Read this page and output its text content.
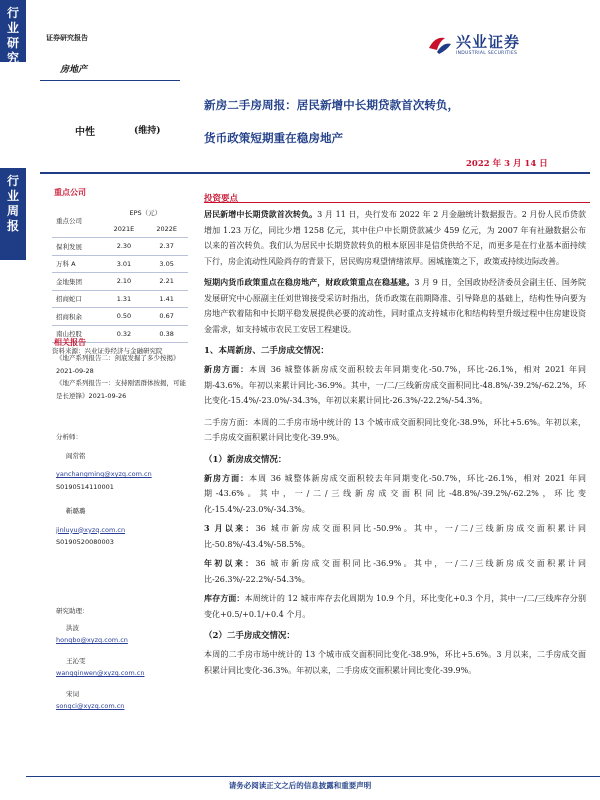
行
业
研
究
行
业
周
报
证券研究报告
房地产
兴业证券
INDUSTRIAL SECURITIES
中性	(维持)
新房二手房周报：居民新增中长期贷款首次转负，
货币政策短期重在稳房地产
2022 年 3 月 14 日
重点公司
重点公司	EPS（元）	
	2021E	2022E
保利发展	2.30	2.37
万科 A	3.01	3.05
金地集团	2.10	2.21
招商蛇口	1.31	1.41
招商积余	0.50	0.67
南山控股	0.32	0.38
资料来源：兴业证券经济与金融研究院
相关报告
《地产系列报告二：剑底发掘了多少按揭》2021-09-28
《地产系列报告一：支持刚需群体按揭，可能是长逆锋》2021-09-26
分析师：
阎常铭
yanchangming@xyzq.com.cn
S0190514110001
靳璐璐
jinluyu@xyzq.com.cn
S0190520080003
研究助理：
洪波
hongbo@xyzq.com.cn
王沁雯
wangqinwen@xyzq.com.cn
宋词
songci@xyzq.com.cn
投资要点
居民新增中长期贷款首次转负。3 月 11 日，央行发布 2022 年 2 月金融统计数据报告。2 月份人民币贷款增加 1.23 万亿，同比少增 1258 亿元，其中住户中长期贷款减少 459 亿元，为 2007 年有社融数据公布以来的首次转负。我们认为居民中长期贷款转负的根本原因非是信贷供给不足，而更多是在行业基本面持续下行，房企流动性风险尚存的背景下，居民购房观望情绪浓厚。困城施策之下，政策或持续边际改善。
短期内货币政策重点在稳房地产，财政政策重点在稳基建。3 月 9 日，全国政协经济委员会副主任、国务院发展研究中心原副主任刘世锦接受采访时指出，货币政策在前期降准、引导降息的基础上，结构性导向要为房地产软着陆和中长期平稳发展提供必要的流动性，同时重点支持城市化和结构转型升级过程中住房建设资金需求，如支持城市农民工安居工程建设。
1、本周新房、二手房成交情况：
新房方面：本周 36 城整体新房成交面积较去年同期变化-50.7%，环比-26.1%，相对 2021 年同期-43.6%。年初以来累计同比-36.9%。其中，一/二/三线新房成交面积同比-48.8%/-39.2%/-62.2%，环比变化-15.4%/-23.0%/-34.3%，年初以来累计同比-26.3%/-22.2%/-54.3%。
二手房方面：本周的二手房市场中统计的 13 个城市成交面积同比变化-38.9%，环比+5.6%。年初以来，二手房成交面积累计同比变化-39.9%。
（1）新房成交情况：
新房方面：本周 36 城整体新房成交面积较去年同期变化-50.7%，环比-26.1%，相对 2021 年同期-43.6%。其中，一/二/三线新房成交面积同比-48.8%/-39.2%/-62.2%，环比变化-15.4%/-23.0%/-34.3%。
3 月以来：36 城市新房成交面积同比-50.9%。其中，一/二/三线新房成交面积累计同比-50.8%/-43.4%/-58.5%。
年初以来：36 城市新房成交面积同比-36.9%。其中，一/二/三线新房成交面积累计同比-26.3%/-22.2%/-54.3%。
库存方面：本周统计的 12 城市库存去化周期为 10.9 个月，环比变化+0.3 个月，其中一/二/三线库存分别变化+0.5/+0.1/+0.4 个月。
（2）二手房成交情况：
本周的二手房市场中统计的 13 个城市成交面积同比变化-38.9%，环比+5.6%。3 月以来，二手房成交面积累计同比变化-36.3%。年初以来，二手房成交面积累计同比变化-39.9%。
请务必阅读正文之后的信息披露和重要声明
